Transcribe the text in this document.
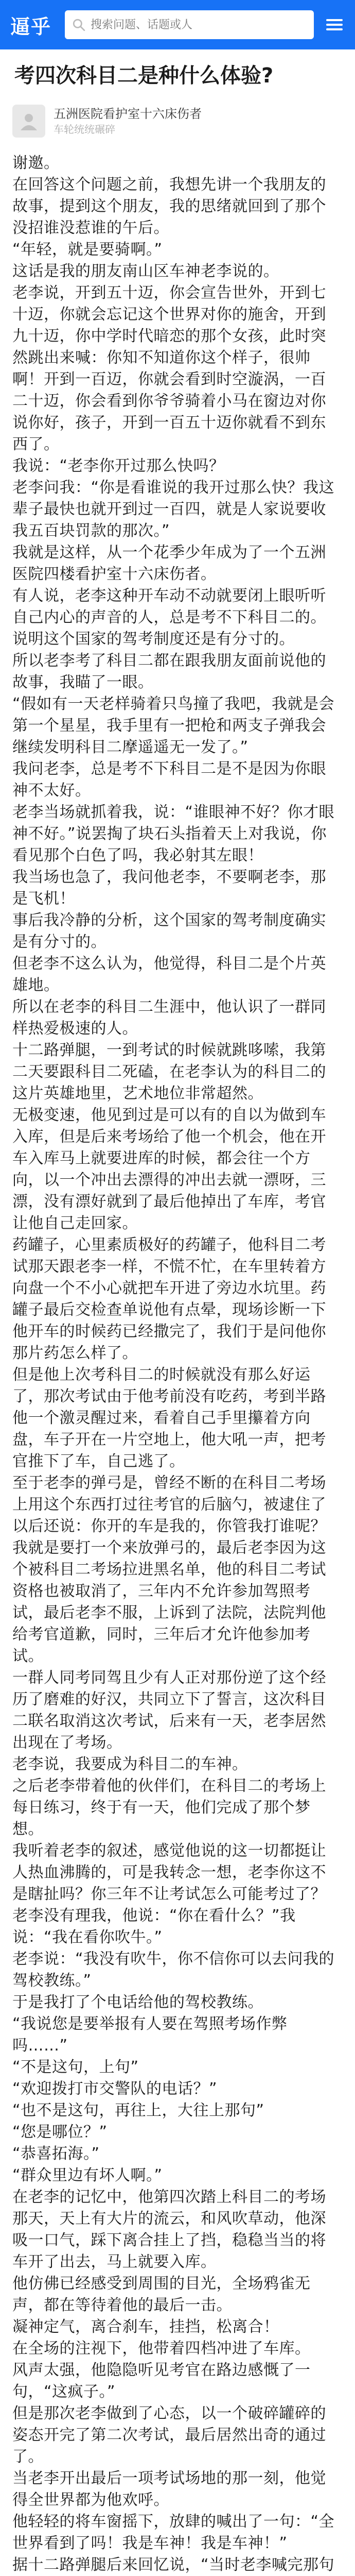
逼乎
搜索问题、话题或人
考四次科目二是种什么体验?
五洲医院看护室十六床伤者
车轮统统碾碎

谢邀。

在回答这个问题之前，我想先讲一个我朋友的故事，提到这个朋友，我的思绪就回到了那个没招谁没惹谁的午后。

“年轻，就是要骑啊。”

这话是我的朋友南山区车神老李说的。

老李说，开到五十迈，你会宣告世外，开到七十迈，你就会忘记这个世界对你的施舍，开到九十迈，你中学时代暗恋的那个女孩，此时突然跳出来喊：你知不知道你这个样子，很帅啊！开到一百迈，你就会看到时空漩涡，一百二十迈，你会看到你爷爷骑着小马在窗边对你说你好，孩子，开到一百五十迈你就看不到东西了。

我说：“老李你开过那么快吗？

老李问我：“你是看谁说的我开过那么快？我这辈子最快也就开到过一百四，就是人家说要收我五百块罚款的那次。”

我就是这样，从一个花季少年成为了一个五洲医院四楼看护室十六床伤者。

有人说，老李这种开车动不动就要闭上眼听听自己内心的声音的人，总是考不下科目二的。说明这个国家的驾考制度还是有分寸的。

所以老李考了科目二都在跟我朋友面前说他的故事，我瞄了一眼。

“假如有一天老样骑着只鸟撞了我吧，我就是会第一个星星，我手里有一把枪和两支子弹我会继续发明科目二摩遥遥无一发了。”

我问老李，总是考不下科目二是不是因为你眼神不太好。

老李当场就抓着我，说：“谁眼神不好？你才眼神不好。”说罢掏了块石头指着天上对我说，你看见那个白色了吗，我必射其左眼！

我当场也急了，我问他老李，不要啊老李，那是飞机！

事后我冷静的分析，这个国家的驾考制度确实是有分寸的。

但老李不这么认为，他觉得，科目二是个片英雄地。

所以在老李的科目二生涯中，他认识了一群同样热爱极速的人。

十二路弹腿，一到考试的时候就跳哆嗦，我第二天要跟科目二死磕，在老李认为的科目二的这片英雄地里，艺术地位非常超然。

无极变速，他见到过是可以有的自以为做到车入库，但是后来考场给了他一个机会，他在开车入库马上就要进库的时候，都会往一个方向，以一个冲出去漂得的冲出去就一漂呀，三漂，没有漂好就到了最后他掉出了车库，考官让他自己走回家。

药罐子，心里素质极好的药罐子，他科目二考试那天跟老李一样，不慌不忙，在车里转着方向盘一个不小心就把车开进了旁边水坑里。药罐子最后交检查单说他有点晕，现场诊断一下他开车的时候药已经撒完了，我们于是问他你那片药怎么样了。

但是他上次考科目二的时候就没有那么好运了，那次考试由于他考前没有吃药，考到半路他一个激灵醒过来，看着自己手里攥着方向盘，车子开在一片空地上，他大吼一声，把考官推下了车，自己逃了。

至于老李的弹弓是，曾经不断的在科目二考场上用这个东西打过往考官的后脑勺，被逮住了以后还说：你开的车是我的，你管我打谁呢？我就是要打一个来放弹弓的，最后老李因为这个被科目二考场拉进黑名单，他的科目二考试资格也被取消了，三年内不允许参加驾照考试，最后老李不服，上诉到了法院，法院判他给考官道歉，同时，三年后才允许他参加考试。

一群人同考同驾且少有人正对那份逆了这个经历了磨难的好汉，共同立下了誓言，这次科目二联名取消这次考试，后来有一天，老李居然出现在了考场。

老李说，我要成为科目二的车神。

之后老李带着他的伙伴们，在科目二的考场上每日练习，终于有一天，他们完成了那个梦想。

我听着老李的叙述，感觉他说的这一切都挺让人热血沸腾的，可是我转念一想，老李你这不是瞎扯吗？你三年不让考试怎么可能考过了？

老李没有理我，他说：“你在看什么？”我说：“我在看你吹牛。”

老李说：“我没有吹牛，你不信你可以去问我的驾校教练。”

于是我打了个电话给他的驾校教练。

“我说您是要举报有人要在驾照考场作弊吗……”

“不是这句，上句”

“欢迎拨打市交警队的电话？”

“也不是这句，再往上，大往上那句”

“您是哪位？”

“恭喜拓海。”

“群众里边有坏人啊。”

在老李的记忆中，他第四次踏上科目二的考场那天，天上有大片的流云，和风吹草动，他深吸一口气，踩下离合挂上了挡，稳稳当当的将车开了出去，马上就要入库。

他仿佛已经感受到周围的目光，全场鸦雀无声，都在等待着他的最后一击。

凝神定气，离合刹车，挂挡，松离合！

在全场的注视下，他带着四档冲进了车库。

风声太强，他隐隐听见考官在路边感慨了一句，“这疯子。”

但是那次老李做到了心态，以一个破碎罐碎的姿态开完了第二次考试，最后居然出奇的通过了。

当老李开出最后一项考试场地的那一刻，他觉得全世界都为他欢呼。

他轻轻的将车窗摇下，放肆的喊出了一句：“全世界看到了吗！我是车神！我是车神！”

据十二路弹腿后来回忆说，“当时老李喊完那句
